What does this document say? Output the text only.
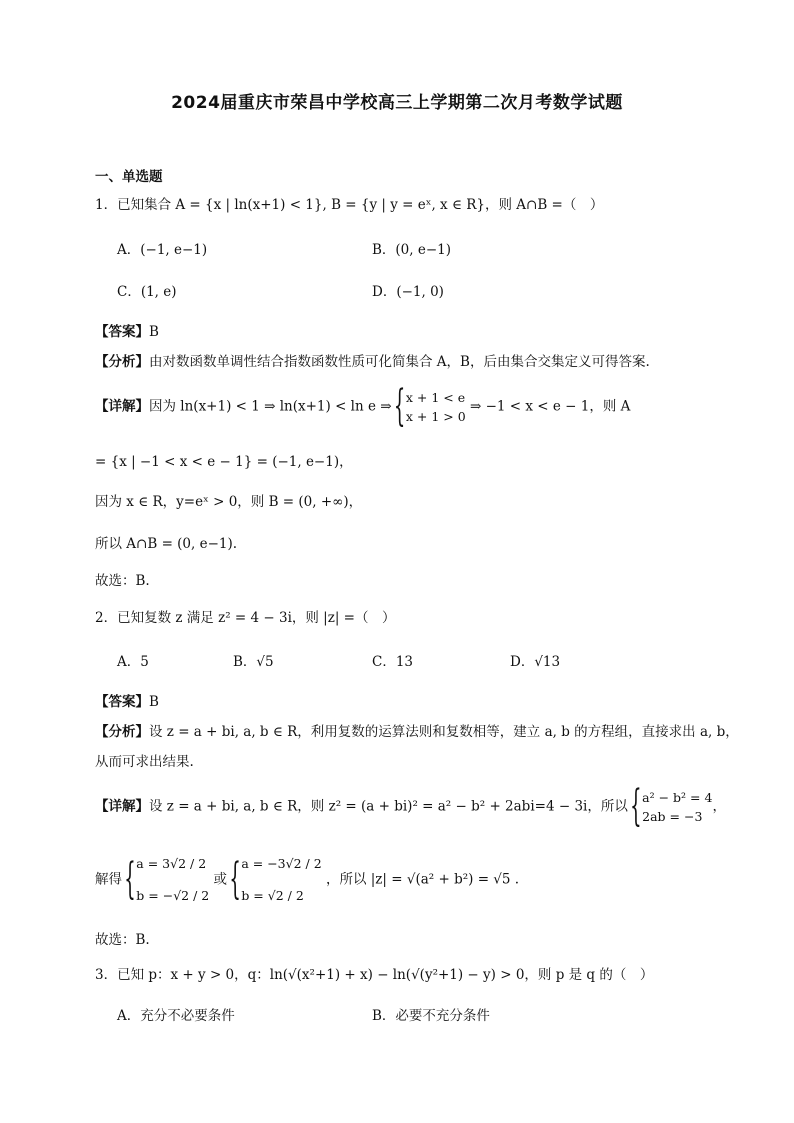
2024届重庆市荣昌中学校高三上学期第二次月考数学试题
一、单选题
1．已知集合 A = {x | ln(x+1) < 1}, B = {y | y = eˣ, x ∈ R}，则 A∩B =（　）
A．(−1, e−1)	B．(0, e−1)
C．(1, e)	D．(−1, 0)
【答案】B
【分析】由对数函数单调性结合指数函数性质可化简集合 A，B，后由集合交集定义可得答案.
【详解】因为 ln(x+1) < 1 ⇒ ln(x+1) < ln e ⇒
{ x + 1 < e
x + 1 > 0
⇒ −1 < x < e − 1，则 A
= {x | −1 < x < e − 1} = (−1, e−1)，
因为 x ∈ R，y=eˣ > 0，则 B = (0, +∞)，
所以 A∩B = (0, e−1).
故选：B.
2．已知复数 z 满足 z² = 4 − 3i，则 |z| =（　）
A．5	B．√5	C．13	D．√13
【答案】B
【分析】设 z = a + bi, a, b ∈ R，利用复数的运算法则和复数相等，建立 a, b 的方程组，直接求出 a, b，
从而可求出结果.
【详解】设 z = a + bi, a, b ∈ R，则 z² = (a + bi)² = a² − b² + 2abi=4 − 3i，所以
{ a² − b² = 4
2ab = −3
，
解得
{ a = 3√2 / 2
b = −√2 / 2
或
{ a = −3√2 / 2
b = √2 / 2
，所以 |z| = √(a² + b²) = √5 .
故选：B.
3．已知 p：x + y > 0，q：ln(√(x²+1) + x) − ln(√(y²+1) − y) > 0，则 p 是 q 的（　）
A．充分不必要条件	B．必要不充分条件
